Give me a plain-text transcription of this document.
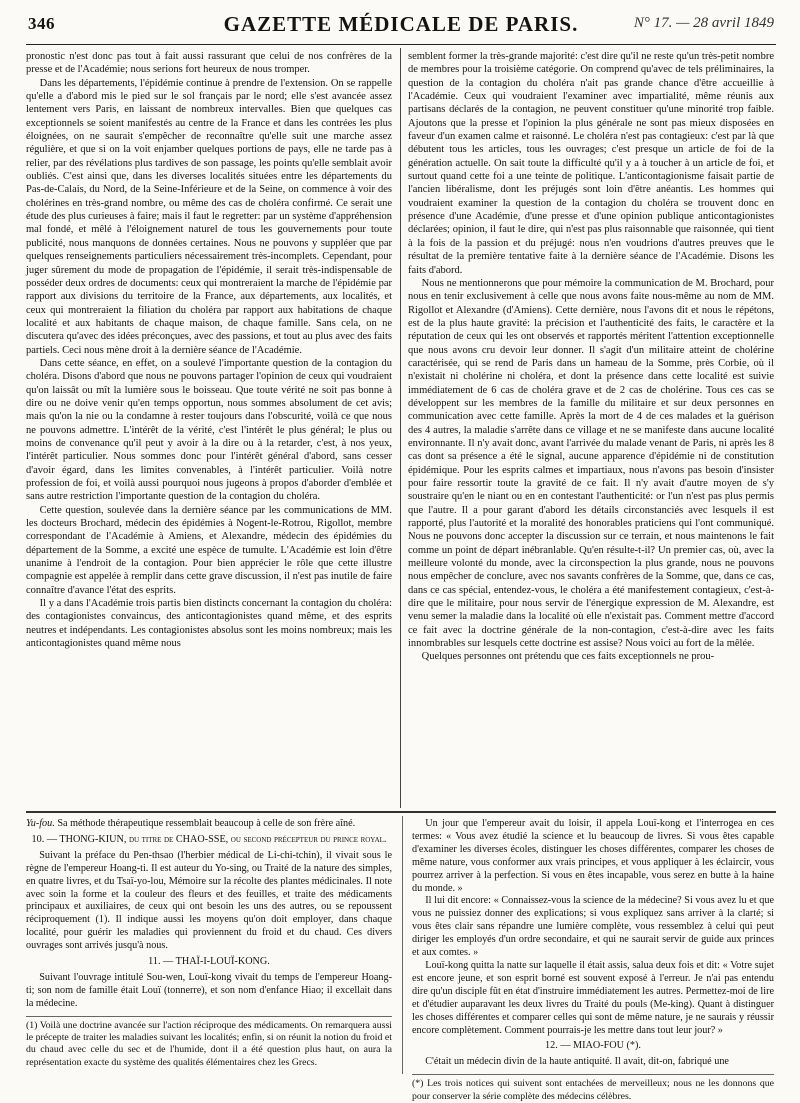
346	GAZETTE MÉDICALE DE PARIS.	N° 17. — 28 avril 1849

pronostic n'est donc pas tout à fait aussi rassurant que celui de nos confrères de la presse et de l'Académie; nous serions fort heureux de nous tromper.

Dans les départements, l'épidémie continue à prendre de l'extension. On se rappelle qu'elle a d'abord mis le pied sur le sol français par le nord; elle s'est avancée assez lentement vers Paris, en laissant de nombreux intervalles. Bien que quelques cas exceptionnels se soient manifestés au centre de la France et dans les contrées les plus éloignées, on ne saurait s'empêcher de reconnaître qu'elle suit une marche assez régulière, et que si on la voit enjamber quelques portions de pays, elle ne tarde pas à relier, par des révélations plus tardives de son passage, les points qu'elle semblait avoir oubliés. C'est ainsi que, dans les diverses localités situées entre les départements du Pas-de-Calais, du Nord, de la Seine-Inférieure et de la Seine, on commence à voir des cholérines en très-grand nombre, ou même des cas de choléra confirmé. Ce serait une étude des plus curieuses à faire; mais il faut le regretter: par un système d'appréhension mal fondé, et mêlé à l'éloignement naturel de tous les gouvernements pour toute publicité, nous manquons de données certaines. Nous ne pouvons y suppléer que par quelques renseignements particuliers nécessairement très-incomplets. Cependant, pour juger sûrement du mode de propagation de l'épidémie, il serait très-indispensable de posséder deux ordres de documents: ceux qui montreraient la marche de l'épidémie par rapport aux divisions du territoire de la France, aux départements, aux localités, et ceux qui montreraient la filiation du choléra par rapport aux habitations de chaque localité et aux habitants de chaque maison, de chaque famille. Sans cela, on ne discutera qu'avec des idées préconçues, avec des passions, et tout au plus avec des faits partiels. Ceci nous mène droit à la dernière séance de l'Académie.

Dans cette séance, en effet, on a soulevé l'importante question de la contagion du choléra. Disons d'abord que nous ne pouvons partager l'opinion de ceux qui voudraient qu'on laissât ou mît la lumière sous le boisseau. Que toute vérité ne soit pas bonne à dire ou ne doive venir qu'en temps opportun, nous sommes absolument de cet avis; mais qu'on la nie ou la condamne à rester toujours dans l'obscurité, voilà ce que nous ne pouvons admettre. L'intérêt de la vérité, c'est l'intérêt le plus général; le plus ou moins de convenance qu'il peut y avoir à la dire ou à la retarder, c'est, à nos yeux, l'intérêt particulier. Nous sommes donc pour l'intérêt général d'abord, sans cesser d'avoir égard, dans les limites convenables, à l'intérêt particulier. Voilà notre profession de foi, et voilà aussi pourquoi nous jugeons à propos d'aborder d'emblée et sans autre restriction l'importante question de la contagion du choléra.

Cette question, soulevée dans la dernière séance par les communications de MM. les docteurs Brochard, médecin des épidémies à Nogent-le-Rotrou, Rigollot, membre correspondant de l'Académie à Amiens, et Alexandre, médecin des épidémies du département de la Somme, a excité une espèce de tumulte. L'Académie est loin d'être unanime à l'endroit de la contagion. Pour bien apprécier le rôle que cette illustre compagnie est appelée à remplir dans cette grave discussion, il n'est pas inutile de faire connaître d'avance l'état des esprits.

Il y a dans l'Académie trois partis bien distincts concernant la contagion du choléra: des contagionistes convaincus, des anticontagionistes quand même, et des esprits neutres et indépendants. Les contagionistes absolus sont les moins nombreux; mais les anticontagionistes quand même nous

semblent former la très-grande majorité: c'est dire qu'il ne reste qu'un très-petit nombre de membres pour la troisième catégorie. On comprend qu'avec de tels préliminaires, la question de la contagion du choléra n'ait pas grande chance d'être accueillie à l'Académie. Ceux qui voudraient l'examiner avec impartialité, même réunis aux partisans déclarés de la contagion, ne peuvent constituer qu'une minorité trop faible. Ajoutons que la presse et l'opinion la plus générale ne sont pas mieux disposées en faveur d'un examen calme et raisonné. Le choléra n'est pas contagieux: c'est par là que débutent tous les articles, tous les ouvrages; c'est presque un article de foi de la génération actuelle. On sait toute la difficulté qu'il y a à toucher à un article de foi, et surtout quand cette foi a une teinte de politique. L'anticontagionisme faisait partie de l'ancien libéralisme, dont les préjugés sont loin d'être anéantis. Les hommes qui voudraient examiner la question de la contagion du choléra se trouvent donc en présence d'une Académie, d'une presse et d'une opinion publique anticontagionistes déclarées; opinion, il faut le dire, qui n'est pas plus raisonnable que raisonnée, qui tient à la fois de la passion et du préjugé: nous n'en voudrions d'autres preuves que le résultat de la première tentative faite à la dernière séance de l'Académie. Disons les faits d'abord.

Nous ne mentionnerons que pour mémoire la communication de M. Brochard, pour nous en tenir exclusivement à celle que nous avons faite nous-même au nom de MM. Rigollot et Alexandre (d'Amiens). Cette dernière, nous l'avons dit et nous le répétons, est de la plus haute gravité: la précision et l'authenticité des faits, le caractère et la réputation de ceux qui les ont observés et rapportés méritent l'attention exceptionnelle que nous avons cru devoir leur donner. Il s'agit d'un militaire atteint de cholérine caractérisée, qui se rend de Paris dans un hameau de la Somme, près Corbie, où il n'existait ni cholérine ni choléra, et dont la présence dans cette localité est suivie immédiatement de 6 cas de choléra grave et de 2 cas de cholérine. Tous ces cas se développent sur les membres de la famille du militaire et sur deux personnes en communication avec cette famille. Après la mort de 4 de ces malades et la guérison des 4 autres, la maladie s'arrête dans ce village et ne se manifeste dans aucune localité environnante. Il n'y avait donc, avant l'arrivée du malade venant de Paris, ni après les 8 cas dont sa présence a été le signal, aucune apparence d'épidémie ni de constitution épidémique. Pour les esprits calmes et impartiaux, nous n'avons pas besoin d'insister pour faire ressortir toute la gravité de ce fait. Il n'y avait d'autre moyen de s'y soustraire qu'en le niant ou en en contestant l'authenticité: or l'un n'est pas plus permis que l'autre. Il a pour garant d'abord les détails circonstanciés avec lesquels il est rapporté, plus l'autorité et la moralité des honorables praticiens qui l'ont communiqué. Nous ne pouvons donc accepter la discussion sur ce terrain, et nous maintenons le fait comme un point de départ inébranlable. Qu'en résulte-t-il? Un premier cas, où, avec la meilleure volonté du monde, avec la circonspection la plus grande, nous ne pouvons nous empêcher de conclure, avec nos savants confrères de la Somme, que, dans ce cas, dans ce cas spécial, entendez-vous, le choléra a été manifestement contagieux, c'est-à-dire que le militaire, pour nous servir de l'énergique expression de M. Alexandre, est venu semer la maladie dans la localité où elle n'existait pas. Comment mettre d'accord ce fait avec la doctrine générale de la non-contagion, c'est-à-dire avec les faits innombrables sur lesquels cette doctrine est assise? Nous voici au fort de la mêlée.

Quelques personnes ont prétendu que ces faits exceptionnels ne prou-

Yu-fou. Sa méthode thérapeutique ressemblait beaucoup à celle de son frère aîné.

10. — THONG-KIUN, du titre de CHAO-SSE, ou second précepteur du prince royal.

Suivant la préface du Pen-thsao (l'herbier médical de Li-chi-tchin), il vivait sous le règne de l'empereur Hoang-ti. Il est auteur du Yo-sing, ou Traité de la nature des simples, en quatre livres, et du Tsaï-yo-lou, Mémoire sur la récolte des plantes médicinales. Il note avec soin la forme et la couleur des fleurs et des feuilles, et traite des médicaments principaux et auxiliaires, de ceux qui ont besoin les uns des autres, ou se repoussent réciproquement (1). Il indique aussi les moyens qu'on doit employer, dans chaque localité, pour guérir les maladies qui proviennent du froid et du chaud. Ces divers ouvrages sont arrivés jusqu'à nous.

11. — THAÏ-I-LOUÏ-KONG.

Suivant l'ouvrage intitulé Sou-wen, Louï-kong vivait du temps de l'empereur Hoang-ti; son nom de famille était Louï (tonnerre), et son nom d'enfance Hiao; il excellait dans la médecine.

(1) Voilà une doctrine avancée sur l'action réciproque des médicaments. On remarquera aussi le précepte de traiter les maladies suivant les localités; enfin, si on réunit la notion du froid et du chaud avec celle du sec et de l'humide, dont il a été question plus haut, on aura la représentation exacte du système des qualités élémentaires chez les Grecs.

Un jour que l'empereur avait du loisir, il appela Louï-kong et l'interrogea en ces termes: « Vous avez étudié la science et lu beaucoup de livres. Si vous êtes capable d'examiner les diverses écoles, distinguer les choses différentes, comparer les choses de même nature, vous conformer aux vrais principes, et vous appliquer à les éclaircir, vous pourrez arriver à la perfection. Si vous en êtes incapable, vous serez en butte à la haine du monde. »

Il lui dit encore: « Connaissez-vous la science de la médecine? Si vous avez lu et que vous ne puissiez donner des explications; si vous expliquez sans arriver à la clarté; si vous êtes clair sans répandre une lumière complète, vous ressemblez à celui qui peut diriger les employés d'un ordre secondaire, et qui ne saurait servir de guide aux princes et aux comtes. »

Louï-kong quitta la natte sur laquelle il était assis, salua deux fois et dit: « Votre sujet est encore jeune, et son esprit borné est souvent exposé à l'erreur. Je n'ai pas entendu dire qu'un disciple fût en état d'instruire immédiatement les autres. Permettez-moi de lire et d'étudier auparavant les deux livres du Traité du pouls (Me-king). Quant à distinguer les choses différentes et comparer celles qui sont de même nature, je ne saurais y réussir encore complètement. Comment pourrais-je les mettre dans tout leur jour? »

12. — MIAO-FOU (*).

C'était un médecin divin de la haute antiquité. Il avait, dit-on, fabriqué une

(*) Les trois notices qui suivent sont entachées de merveilleux; nous ne les donnons que pour conserver la série complète des médecins célèbres.
